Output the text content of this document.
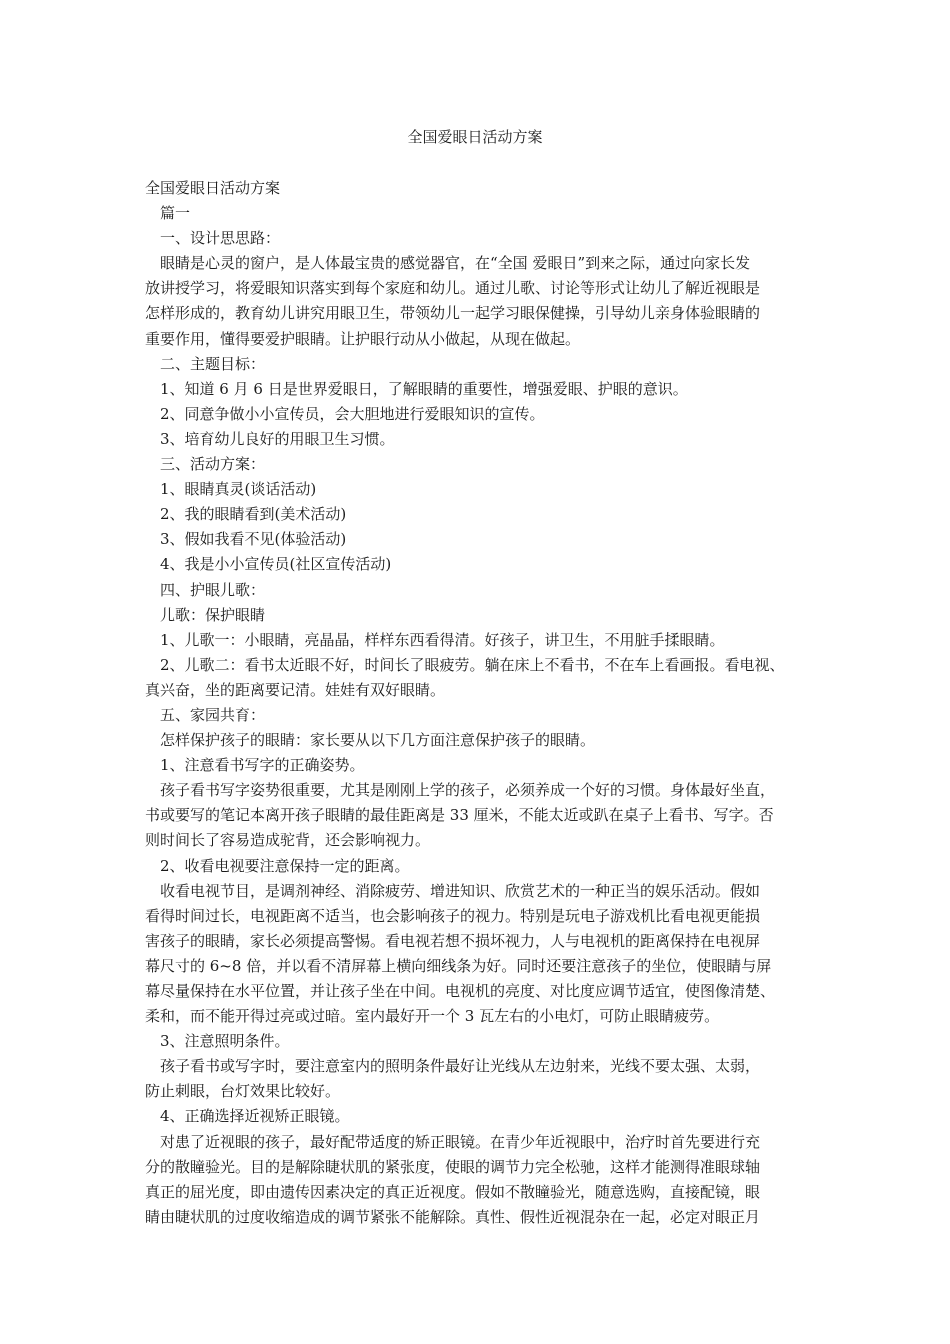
全国爱眼日活动方案

全国爱眼日活动方案

篇一

一、设计思思路：

眼睛是心灵的窗户，是人体最宝贵的感觉器官，在“全国 爱眼日”到来之际，通过向家长发

放讲授学习，将爱眼知识落实到每个家庭和幼儿。通过儿歌、讨论等形式让幼儿了解近视眼是

怎样形成的，教育幼儿讲究用眼卫生，带领幼儿一起学习眼保健操，引导幼儿亲身体验眼睛的

重要作用，懂得要爱护眼睛。让护眼行动从小做起，从现在做起。

二、主题目标：

1、知道 6 月 6 日是世界爱眼日，了解眼睛的重要性，增强爱眼、护眼的意识。

2、同意争做小小宣传员，会大胆地进行爱眼知识的宣传。

3、培育幼儿良好的用眼卫生习惯。

三、活动方案：

1、眼睛真灵(谈话活动)

2、我的眼睛看到(美术活动)

3、假如我看不见(体验活动)

4、我是小小宣传员(社区宣传活动)

四、护眼儿歌：

儿歌：保护眼睛

1、儿歌一：小眼睛，亮晶晶，样样东西看得清。好孩子，讲卫生，不用脏手揉眼睛。

2、儿歌二：看书太近眼不好，时间长了眼疲劳。躺在床上不看书，不在车上看画报。看电视、

真兴奋，坐的距离要记清。娃娃有双好眼睛。

五、家园共育：

怎样保护孩子的眼睛：家长要从以下几方面注意保护孩子的眼睛。

1、注意看书写字的正确姿势。

孩子看书写字姿势很重要，尤其是刚刚上学的孩子，必须养成一个好的习惯。身体最好坐直，

书或要写的笔记本离开孩子眼睛的最佳距离是 33 厘米，不能太近或趴在桌子上看书、写字。否

则时间长了容易造成驼背，还会影响视力。

2、收看电视要注意保持一定的距离。

收看电视节目，是调剂神经、消除疲劳、增进知识、欣赏艺术的一种正当的娱乐活动。假如

看得时间过长，电视距离不适当，也会影响孩子的视力。特别是玩电子游戏机比看电视更能损

害孩子的眼睛，家长必须提高警惕。看电视若想不损坏视力，人与电视机的距离保持在电视屏

幕尺寸的 6~8 倍，并以看不清屏幕上横向细线条为好。同时还要注意孩子的坐位，使眼睛与屏

幕尽量保持在水平位置，并让孩子坐在中间。电视机的亮度、对比度应调节适宜，使图像清楚、

柔和，而不能开得过亮或过暗。室内最好开一个 3 瓦左右的小电灯，可防止眼睛疲劳。

3、注意照明条件。

孩子看书或写字时，要注意室内的照明条件最好让光线从左边射来，光线不要太强、太弱，

防止刺眼，台灯效果比较好。

4、正确选择近视矫正眼镜。

对患了近视眼的孩子，最好配带适度的矫正眼镜。在青少年近视眼中，治疗时首先要进行充

分的散瞳验光。目的是解除睫状肌的紧张度，使眼的调节力完全松驰，这样才能测得准眼球轴

真正的屈光度，即由遗传因素决定的真正近视度。假如不散瞳验光，随意选购，直接配镜，眼

睛由睫状肌的过度收缩造成的调节紧张不能解除。真性、假性近视混杂在一起，必定对眼正月
